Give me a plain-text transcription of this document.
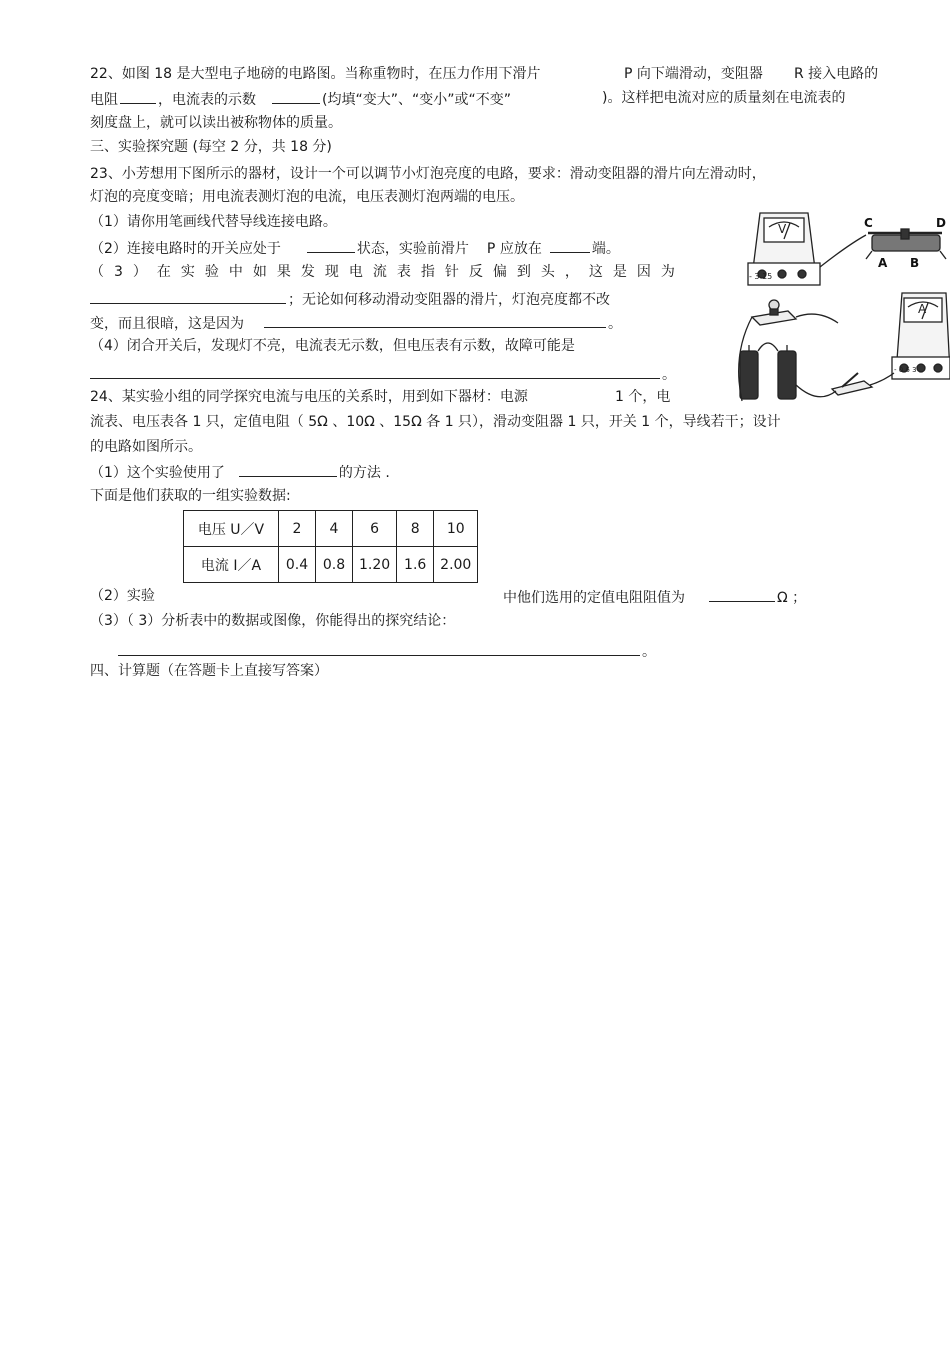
22、如图 18 是大型电子地磅的电路图。当称重物时，在压力作用下滑片	P 向下端滑动，变阻器 R 接入电路的
电阻	，电流表的示数	(均填“变大”、“变小”或“不变”	)。这样把电流对应的质量刻在电流表的
刻度盘上，就可以读出被称物体的质量。
三、实验探究题 (每空 2 分，共 18 分)
23、小芳想用下图所示的器材，设计一个可以调节小灯泡亮度的电路，要求：滑动变阻器的滑片向左滑动时，
灯泡的亮度变暗；用电流表测灯泡的电流，电压表测灯泡两端的电压。
（1）请你用笔画线代替导线连接电路。
（2）连接电路时的开关应处于	状态，实验前滑片 P 应放在	端。
（ 3 ） 在 实 验 中 如 果 发 现 电 流 表 指 针 反 偏 到 头 ， 这 是 因 为
；无论如何移动滑动变阻器的滑片，灯泡亮度都不改
变，而且很暗，这是因为	。
（4）闭合开关后，发现灯不亮，电流表无示数，但电压表有示数，故障可能是
。
V
A
- 3 15
- 0.6 3
C	D
A B
24、某实验小组的同学探究电流与电压的关系时，用到如下器材：电源	1 个，电
流表、电压表各 1 只，定值电阻（ 5Ω 、10Ω 、15Ω 各 1 只），滑动变阻器 1 只，开关 1 个，导线若干；设计
的电路如图所示。
（1）这个实验使用了	的方法 .
下面是他们获取的一组实验数据:
电压 U／V	2	4	6	8	10
电流 I／A	0.4	0.8	1.20	1.6	2.00
（2）实验	中他们选用的定值电阻阻值为	Ω ；
（3）（ 3）分析表中的数据或图像，你能得出的探究结论：
。
四、计算题（在答题卡上直接写答案）
